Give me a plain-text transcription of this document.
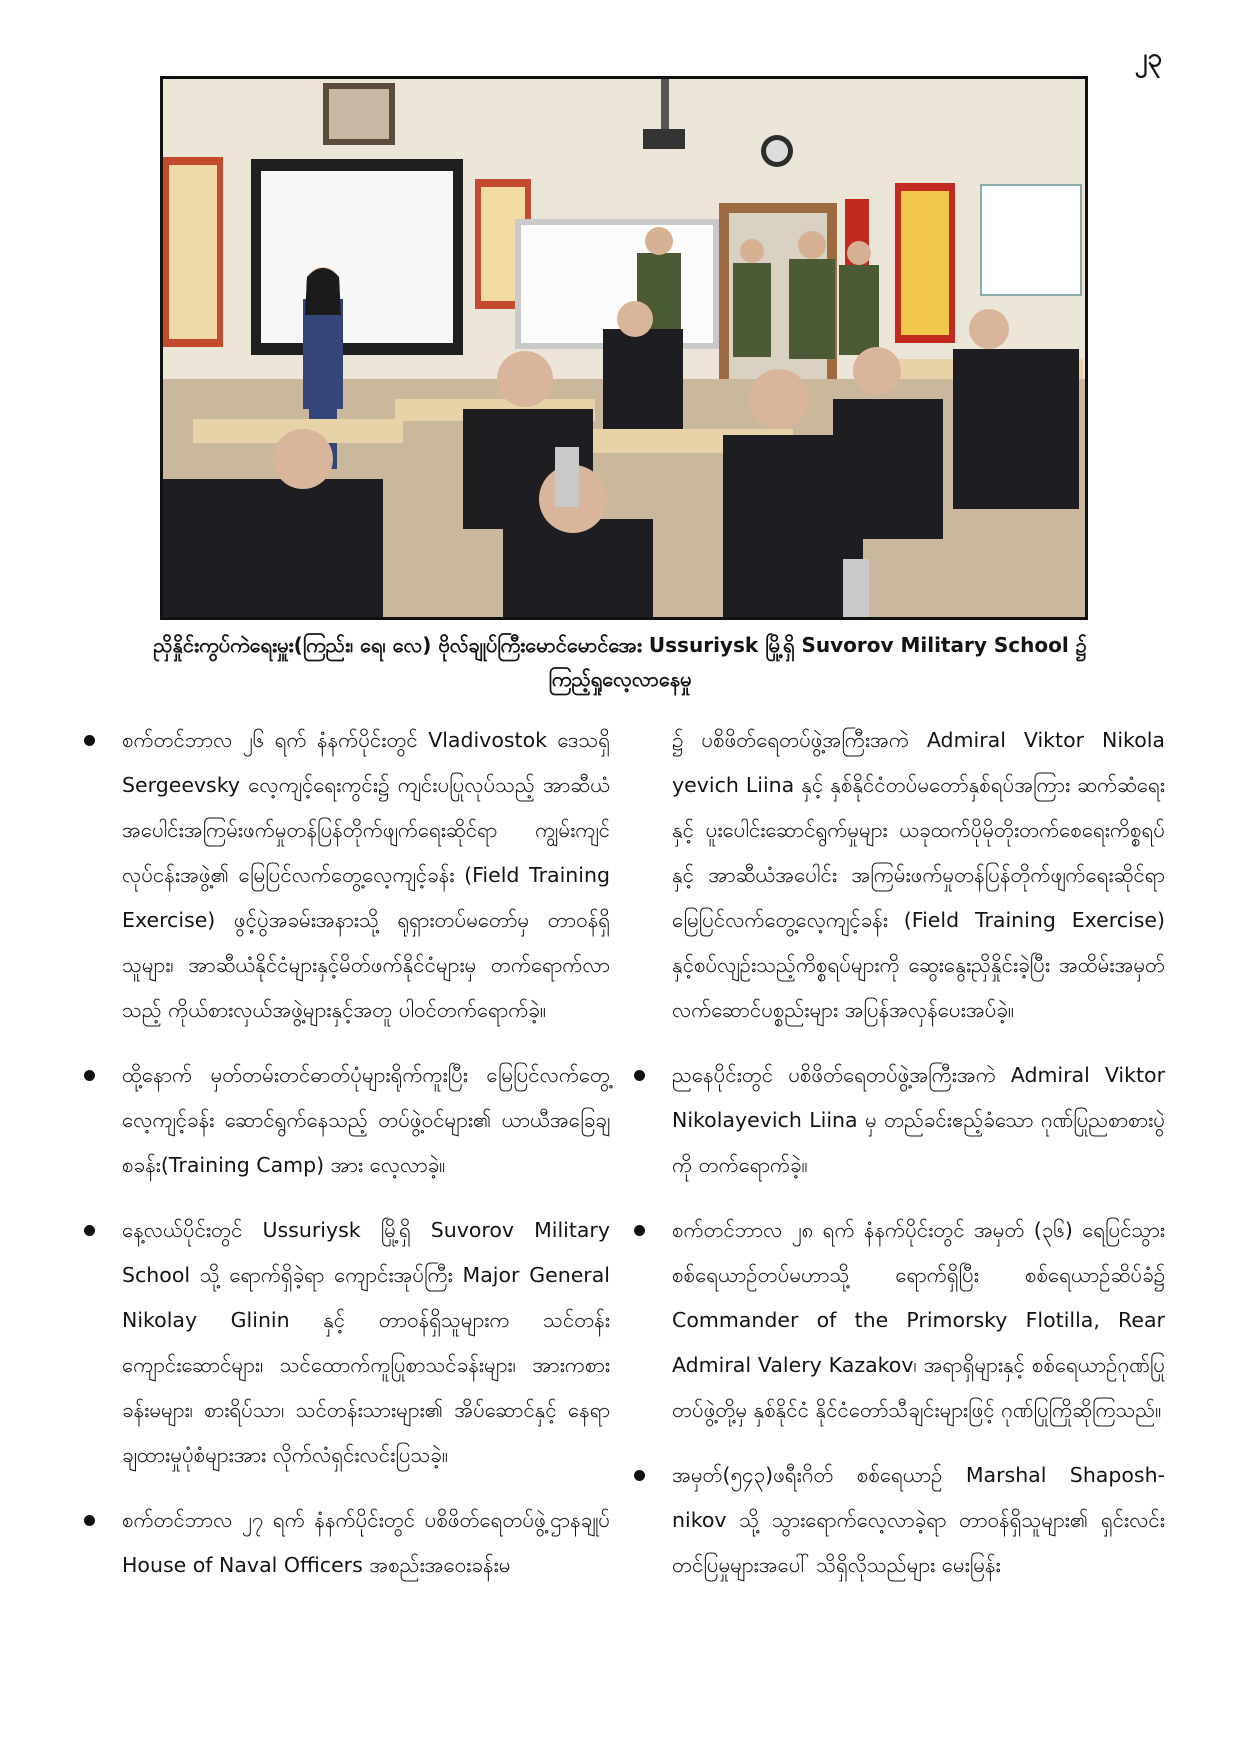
၂၃
ညှိနှိုင်းကွပ်ကဲရေးမှူး(ကြည်း၊ ရေ၊ လေ) ဗိုလ်ချုပ်ကြီးမောင်မောင်အေး Ussuriysk မြို့ရှိ Suvorov Military School ၌
ကြည့်ရှုလေ့လာနေမှု
စက်တင်ဘာလ ၂၆ ရက် နံနက်ပိုင်းတွင် Vladivostok ဒေသရှိ Sergeevsky လေ့ကျင့်ရေးကွင်း၌ ကျင်းပပြုလုပ်သည့် အာဆီယံအပေါင်းအကြမ်းဖက်မှုတန်ပြန်တိုက်ဖျက်ရေးဆိုင်ရာ ကျွမ်းကျင်လုပ်ငန်းအဖွဲ့၏ မြေပြင်လက်တွေ့လေ့ကျင့်ခန်း (Field Training Exercise) ဖွင့်ပွဲအခမ်းအနားသို့ ရုရှားတပ်မတော်မှ တာဝန်ရှိသူများ၊ အာဆီယံနိုင်ငံများနှင့်မိတ်ဖက်နိုင်ငံများမှ တက်ရောက်လာသည့် ကိုယ်စားလှယ်အဖွဲ့များနှင့်အတူ ပါဝင်တက်ရောက်ခဲ့။
ထို့နောက် မှတ်တမ်းတင်ဓာတ်ပုံများရိုက်ကူးပြီး မြေပြင်လက်တွေ့လေ့ကျင့်ခန်း ဆောင်ရွက်နေသည့် တပ်ဖွဲ့ဝင်များ၏ ယာယီအခြေချစခန်း(Training Camp) အား လေ့လာခဲ့။
နေ့လယ်ပိုင်းတွင် Ussuriysk မြို့ရှိ Suvorov Military School သို့ ရောက်ရှိခဲ့ရာ ကျောင်းအုပ်ကြီး Major General Nikolay Glinin နှင့် တာဝန်ရှိသူများက သင်တန်းကျောင်းဆောင်များ၊ သင်ထောက်ကူပြုစာသင်ခန်းများ၊ အားကစားခန်းမများ၊ စားရိပ်သာ၊ သင်တန်းသားများ၏ အိပ်ဆောင်နှင့် နေရာချထားမှုပုံစံများအား လိုက်လံရှင်းလင်းပြသခဲ့။
စက်တင်ဘာလ ၂၇ ရက် နံနက်ပိုင်းတွင် ပစိဖိတ်ရေတပ်ဖွဲ့ဌာနချုပ် House of Naval Officers အစည်းအဝေးခန်းမ
၌ ပစိဖိတ်ရေတပ်ဖွဲ့အကြီးအကဲ Admiral Viktor Nikola yevich Liina နှင့် နှစ်နိုင်ငံတပ်မတော်နှစ်ရပ်အကြား ဆက်ဆံရေးနှင့် ပူးပေါင်းဆောင်ရွက်မှုများ ယခုထက်ပိုမိုတိုးတက်စေရေးကိစ္စရပ်နှင့် အာဆီယံအပေါင်း အကြမ်းဖက်မှုတန်ပြန်တိုက်ဖျက်ရေးဆိုင်ရာ မြေပြင်လက်တွေ့လေ့ကျင့်ခန်း (Field Training Exercise) နှင့်စပ်လျဉ်းသည့်ကိစ္စရပ်များကို ဆွေးနွေးညှိနှိုင်းခဲ့ပြီး အထိမ်းအမှတ်လက်ဆောင်ပစ္စည်းများ အပြန်အလှန်ပေးအပ်ခဲ့။
ညနေပိုင်းတွင် ပစိဖိတ်ရေတပ်ဖွဲ့အကြီးအကဲ Admiral Viktor Nikolayevich Liina မှ တည်ခင်းဧည့်ခံသော ဂုဏ်ပြုညစာစားပွဲကို တက်ရောက်ခဲ့။
စက်တင်ဘာလ ၂၈ ရက် နံနက်ပိုင်းတွင် အမှတ် (၃၆) ရေပြင်သွားစစ်ရေယာဉ်တပ်မဟာသို့ ရောက်ရှိပြီး စစ်ရေယာဉ်ဆိပ်ခံ၌ Commander of the Primorsky Flotilla, Rear Admiral Valery Kazakov၊ အရာရှိများနှင့် စစ်ရေယာဉ်ဂုဏ်ပြုတပ်ဖွဲ့တို့မှ နှစ်နိုင်ငံ နိုင်ငံတော်သီချင်းများဖြင့် ဂုဏ်ပြုကြိုဆိုကြသည်။
အမှတ်(၅၄၃)ဖရီးဂိတ် စစ်ရေယာဉ် Marshal Shaposh-nikov သို့ သွားရောက်လေ့လာခဲ့ရာ တာဝန်ရှိသူများ၏ ရှင်းလင်းတင်ပြမှုများအပေါ် သိရှိလိုသည်များ မေးမြန်း
